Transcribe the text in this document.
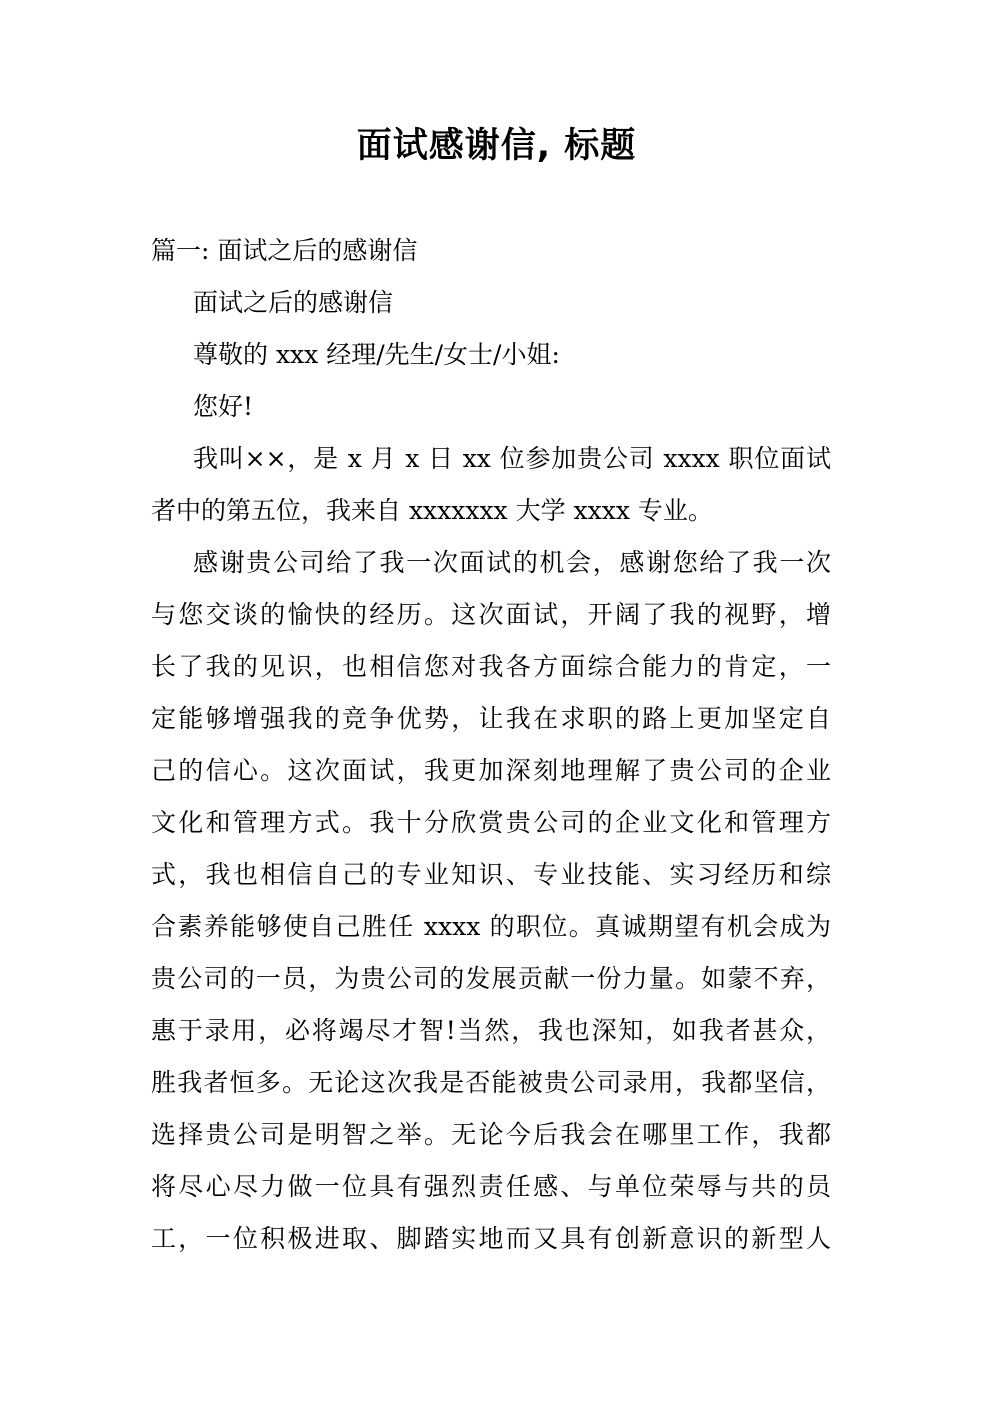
面试感谢信, 标题
篇一: 面试之后的感谢信
面试之后的感谢信
尊敬的 xxx 经理/先生/女士/小姐:
您好!
我叫××，是 x 月 x 日 xx 位参加贵公司 xxxx 职位面试
者中的第五位，我来自 xxxxxxx 大学 xxxx 专业。
感谢贵公司给了我一次面试的机会，感谢您给了我一次
与您交谈的愉快的经历。这次面试，开阔了我的视野，增
长了我的见识，也相信您对我各方面综合能力的肯定，一
定能够增强我的竞争优势，让我在求职的路上更加坚定自
己的信心。这次面试，我更加深刻地理解了贵公司的企业
文化和管理方式。我十分欣赏贵公司的企业文化和管理方
式，我也相信自己的专业知识、专业技能、实习经历和综
合素养能够使自己胜任 xxxx 的职位。真诚期望有机会成为
贵公司的一员，为贵公司的发展贡献一份力量。如蒙不弃，
惠于录用，必将竭尽才智!当然，我也深知，如我者甚众，
胜我者恒多。无论这次我是否能被贵公司录用，我都坚信，
选择贵公司是明智之举。无论今后我会在哪里工作，我都
将尽心尽力做一位具有强烈责任感、与单位荣辱与共的员
工，一位积极进取、脚踏实地而又具有创新意识的新型人
